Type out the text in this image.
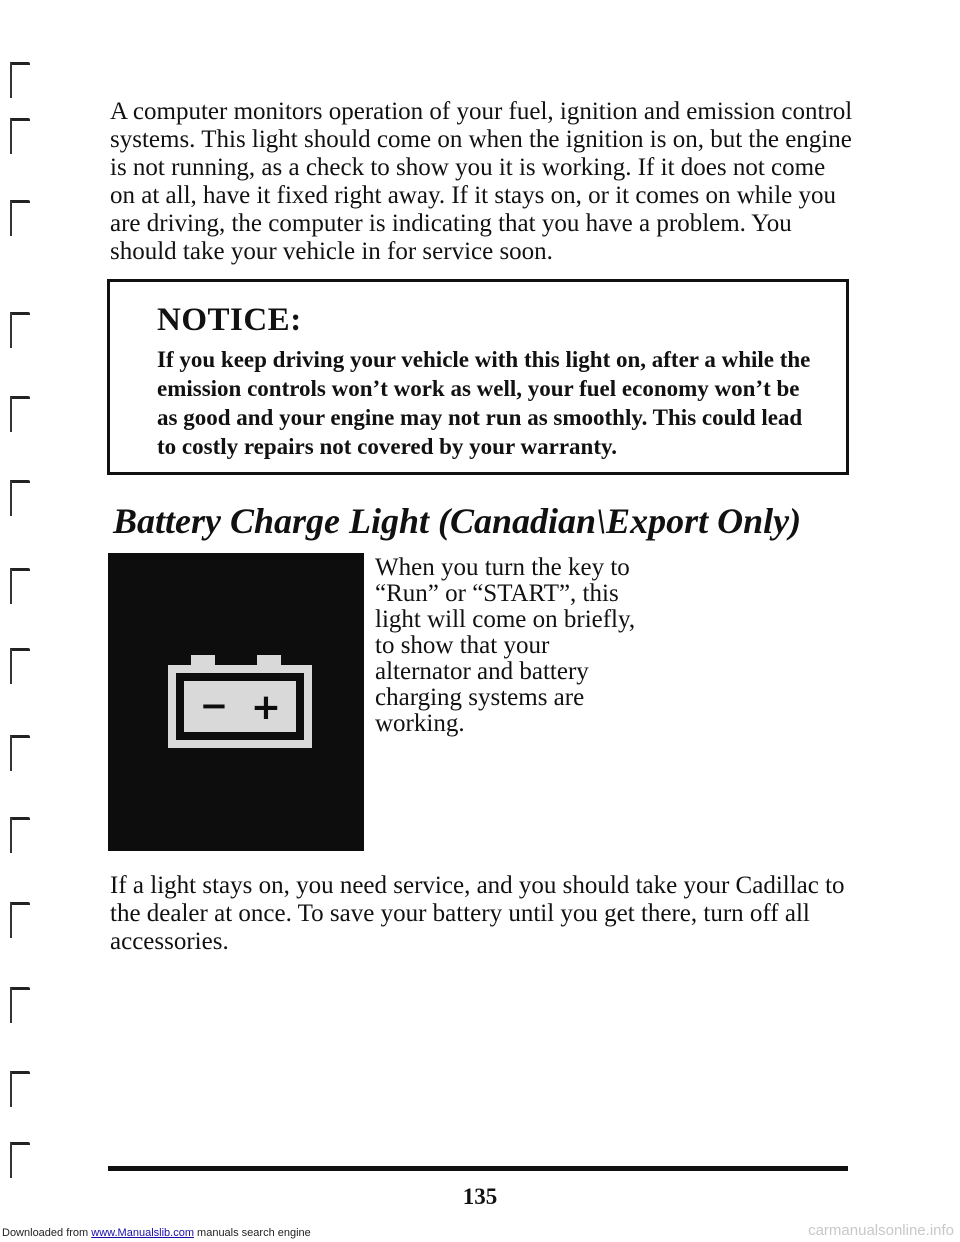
A computer monitors operation of your fuel, ignition and emission control systems. This light should come on when the ignition is on, but the engine is not running, as a check to show you it is working. If it does not come on at all, have it fixed right away. If it stays on, or it comes on while you are driving, the computer is indicating that you have a problem. You should take your vehicle in for service soon.

NOTICE:

If you keep driving your vehicle with this light on, after a while the emission controls won’t work as well, your fuel economy won’t be as good and your engine may not run as smoothly. This could lead to costly repairs not covered by your warranty.

Battery Charge Light (Canadian\Export Only)
− +

When you turn the key to “Run” or “START”, this light will come on briefly, to show that your alternator and battery charging systems are working.

If a light stays on, you need service, and you should take your Cadillac to the dealer at once. To save your battery until you get there, turn off all accessories.

135
Downloaded from www.Manualslib.com manuals search engine	carmanualsonline.info
